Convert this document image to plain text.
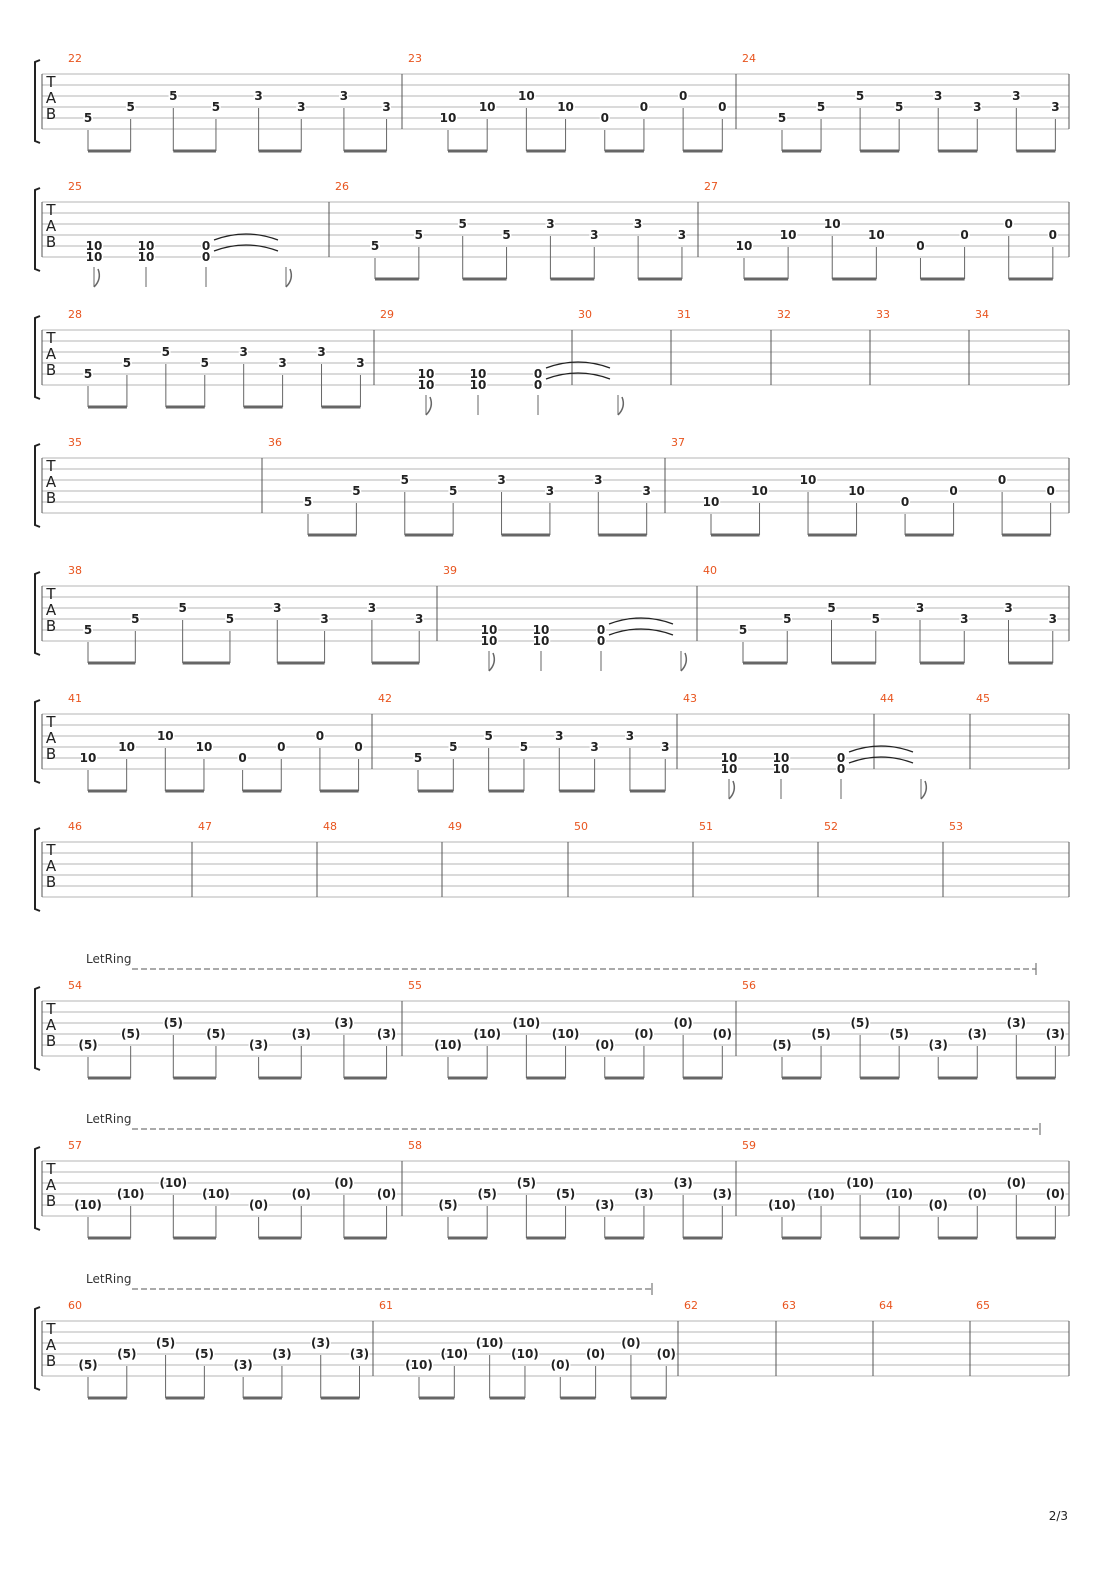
T
A
B
22
5
5
5
5
3
3
3
3
23
10
10
10
10
0
0
0
0
24
5
5
5
5
3
3
3
3
T
A
B
25
10
10
10
10
0
0
26
5
5
5
5
3
3
3
3
27
10
10
10
10
0
0
0
0
T
A
B
28
5
5
5
5
3
3
3
3
29
10
10
10
10
0
0
30	31	32	33	34
T
A
B
35	36
5
5
5
5
3
3
3
3
37
10
10
10
10
0
0
0
0
T
A
B
38
5
5
5
5
3
3
3
3
39
10
10
10
10
0
0
40
5
5
5
5
3
3
3
3
T
A
B
41
10
10
10
10
0
0
0
0
42
5
5
5
5
3
3
3
3
43
10
10
10
10
0
0
44	45
T
A
B
46	47	48	49	50	51	52	53
LetRing
T
A
B
54
(5)
(5)
(5)
(5)
(3)
(3)
(3)
(3)
55
(10)
(10)
(10)
(10)
(0)
(0)
(0)
(0)
56
(5)
(5)
(5)
(5)
(3)
(3)
(3)
(3)
LetRing
T
A
B
57
(10)
(10)
(10)
(10)
(0)
(0)
(0)
(0)
58
(5)
(5)
(5)
(5)
(3)
(3)
(3)
(3)
59
(10)
(10)
(10)
(10)
(0)
(0)
(0)
(0)
LetRing
T
A
B
60
(5)
(5)
(5)
(5)
(3)
(3)
(3)
(3)
61
(10)
(10)
(10)
(10)
(0)
(0)
(0)
(0)
62	63	64	65
2/3
